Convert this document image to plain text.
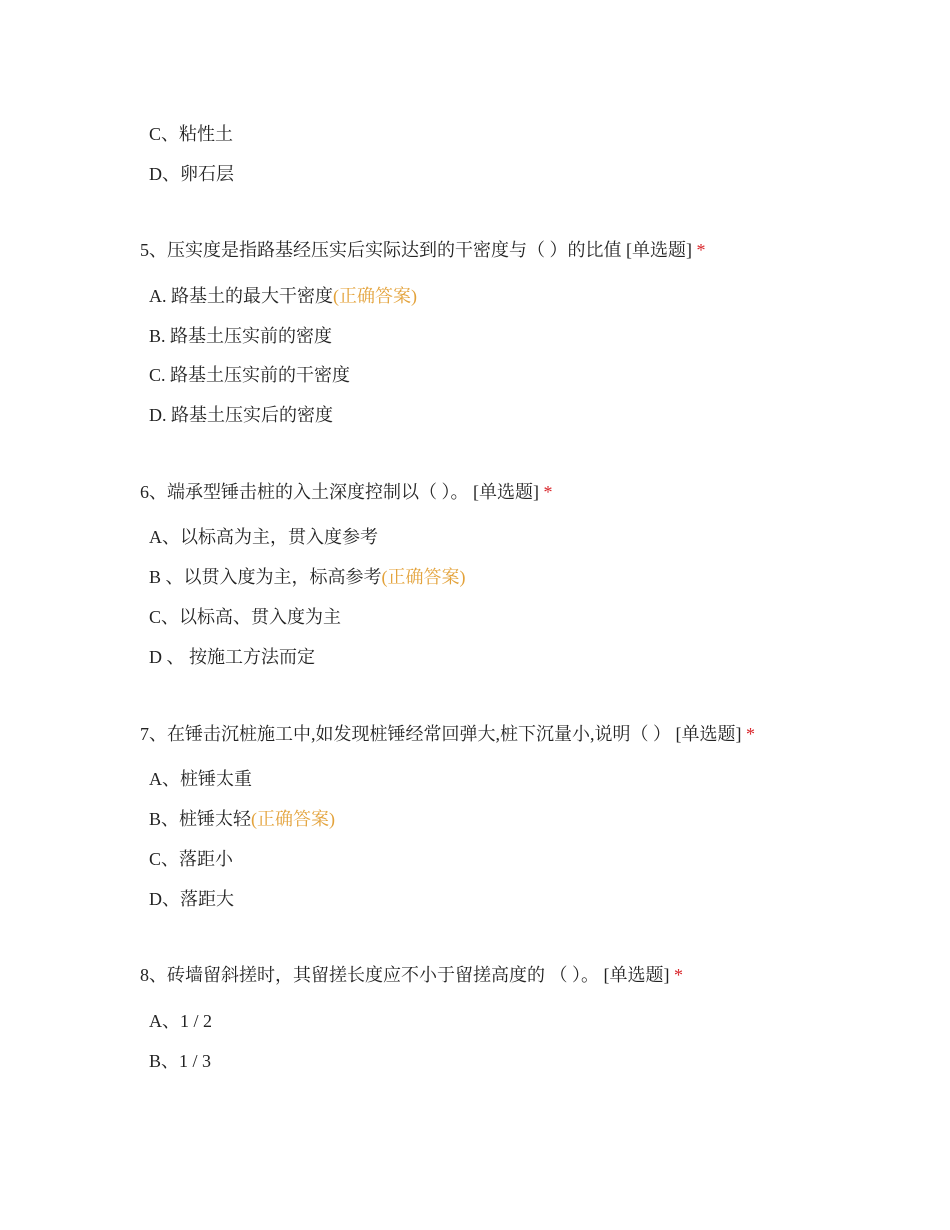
C、粘性土
D、卵石层
5、压实度是指路基经压实后实际达到的干密度与（ ）的比值 [单选题] *
A. 路基土的最大干密度(正确答案)
B. 路基土压实前的密度
C. 路基土压实前的干密度
D. 路基土压实后的密度
6、端承型锤击桩的入土深度控制以（ ）。 [单选题] *
A、以标高为主，贯入度参考
B 、以贯入度为主，标高参考(正确答案)
C、以标高、贯入度为主
D 、 按施工方法而定
7、在锤击沉桩施工中,如发现桩锤经常回弹大,桩下沉量小,说明（ ） [单选题] *
A、桩锤太重
B、桩锤太轻(正确答案)
C、落距小
D、落距大
8、砖墙留斜搓时，其留搓长度应不小于留搓高度的 （ ）。 [单选题] *
A、1 / 2
B、1 / 3
